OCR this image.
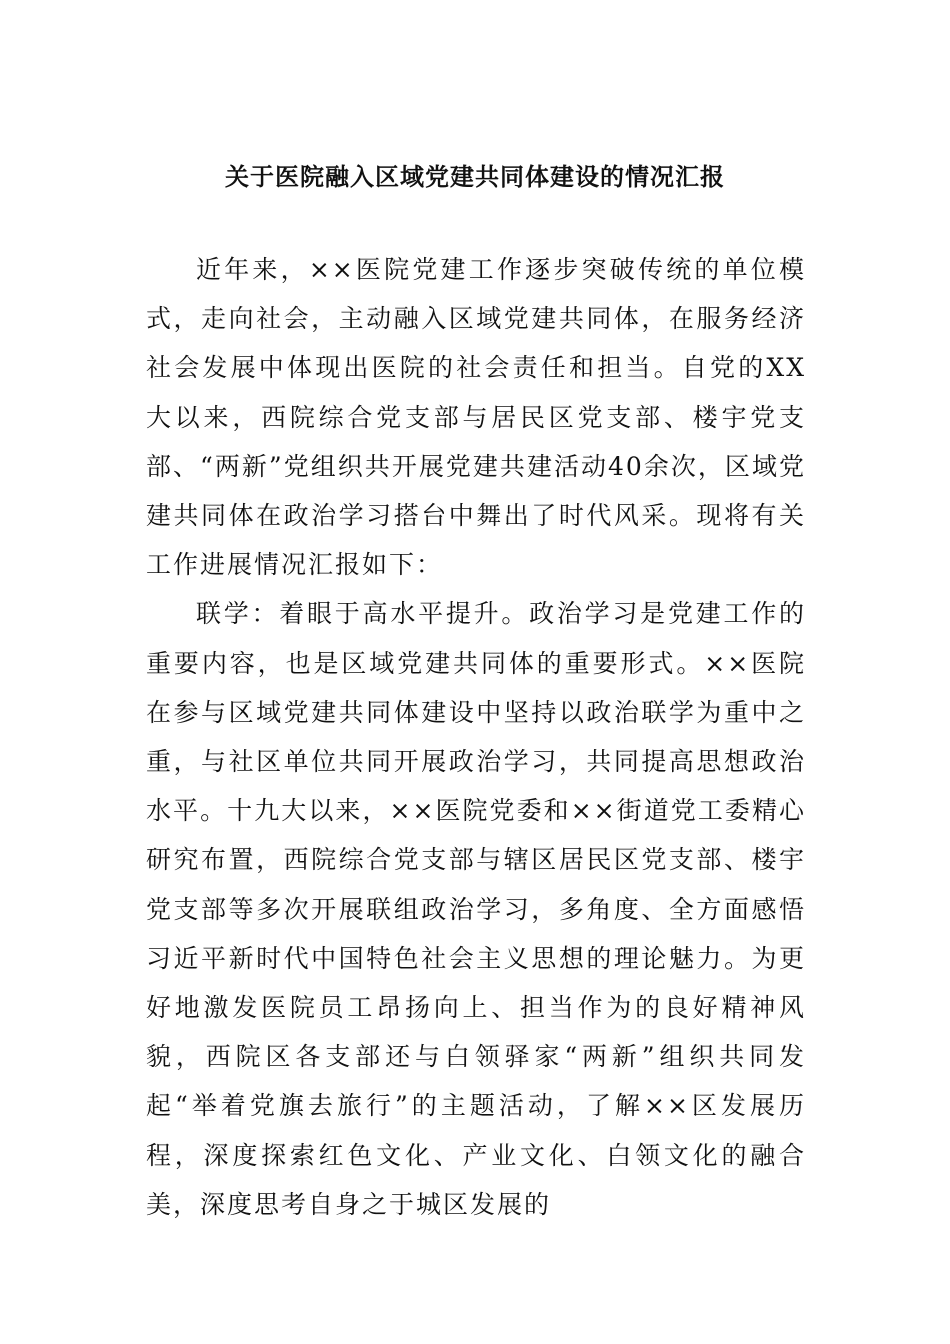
关于医院融入区域党建共同体建设的情况汇报

近年来，××医院党建工作逐步突破传统的单位模式，走向社会，主动融入区域党建共同体，在服务经济社会发展中体现出医院的社会责任和担当。自党的XX大以来，西院综合党支部与居民区党支部、楼宇党支部、“两新”党组织共开展党建共建活动40余次，区域党建共同体在政治学习搭台中舞出了时代风采。现将有关工作进展情况汇报如下：

联学：着眼于高水平提升。政治学习是党建工作的重要内容，也是区域党建共同体的重要形式。××医院在参与区域党建共同体建设中坚持以政治联学为重中之重，与社区单位共同开展政治学习，共同提高思想政治水平。十九大以来，××医院党委和××街道党工委精心研究布置，西院综合党支部与辖区居民区党支部、楼宇党支部等多次开展联组政治学习，多角度、全方面感悟习近平新时代中国特色社会主义思想的理论魅力。为更好地激发医院员工昂扬向上、担当作为的良好精神风貌，西院区各支部还与白领驿家“两新”组织共同发起“举着党旗去旅行”的主题活动，了解××区发展历程，深度探索红色文化、产业文化、白领文化的融合美，深度思考自身之于城区发展的
